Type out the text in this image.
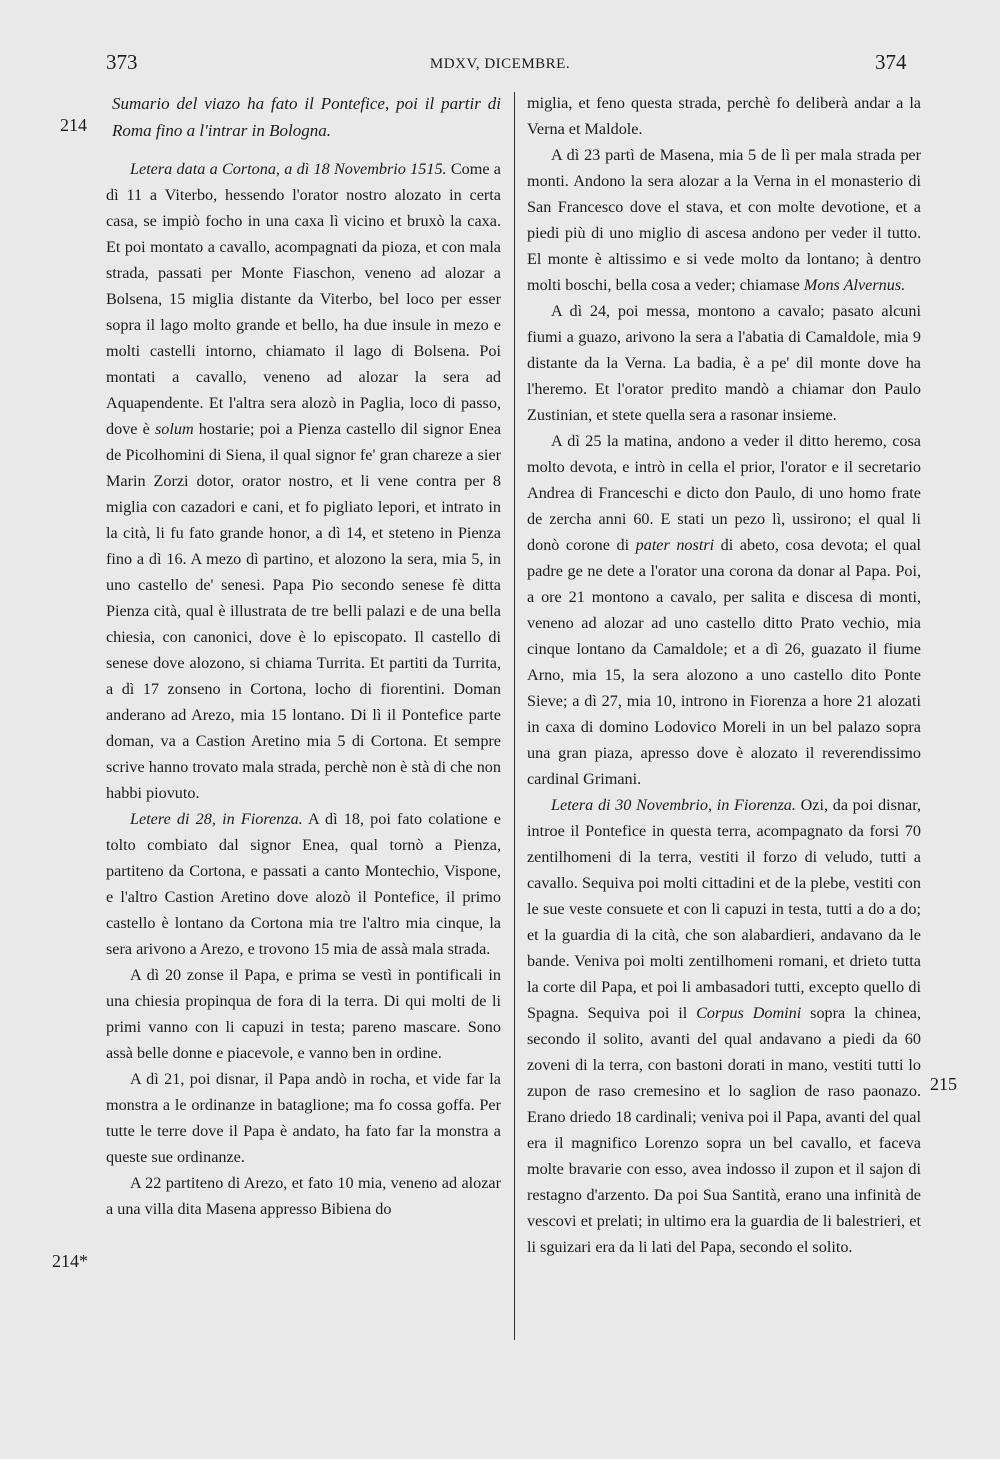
373	MDXV, DICEMBRE.	374
214
214*
215

Sumario del viazo ha fato il Pontefice, poi il partir di Roma fino a l'intrar in Bologna.

Letera data a Cortona, a dì 18 Novembrio 1515. Come a dì 11 a Viterbo, hessendo l'orator nostro alozato in certa casa, se impiò focho in una caxa lì vicino et bruxò la caxa. Et poi montato a cavallo, acompagnati da pioza, et con mala strada, passati per Monte Fiaschon, veneno ad alozar a Bolsena, 15 miglia distante da Viterbo, bel loco per esser sopra il lago molto grande et bello, ha due insule in mezo e molti castelli intorno, chiamato il lago di Bolsena. Poi montati a cavallo, veneno ad alozar la sera ad Aquapendente. Et l'altra sera alozò in Paglia, loco di passo, dove è solum hostarie; poi a Pienza castello dil signor Enea de Picolhomini di Siena, il qual signor fe' gran chareze a sier Marin Zorzi dotor, orator nostro, et li vene contra per 8 miglia con cazadori e cani, et fo pigliato lepori, et intrato in la cità, li fu fato grande honor, a dì 14, et steteno in Pienza fino a dì 16. A mezo dì partino, et alozono la sera, mia 5, in uno castello de' senesi. Papa Pio secondo senese fè ditta Pienza cità, qual è illustrata de tre belli palazi e de una bella chiesia, con canonici, dove è lo episcopato. Il castello di senese dove alozono, si chiama Turrita. Et partiti da Turrita, a dì 17 zonseno in Cortona, locho di fiorentini. Doman anderano ad Arezo, mia 15 lontano. Di lì il Pontefice parte doman, va a Castion Aretino mia 5 di Cortona. Et sempre scrive hanno trovato mala strada, perchè non è stà di che non habbi piovuto.

Letere di 28, in Fiorenza. A dì 18, poi fato colatione e tolto combiato dal signor Enea, qual tornò a Pienza, partiteno da Cortona, e passati a canto Montechio, Vispone, e l'altro Castion Aretino dove alozò il Pontefice, il primo castello è lontano da Cortona mia tre l'altro mia cinque, la sera arivono a Arezo, e trovono 15 mia de assà mala strada.

A dì 20 zonse il Papa, e prima se vestì in pontificali in una chiesia propinqua de fora di la terra. Di qui molti de li primi vanno con li capuzi in testa; pareno mascare. Sono assà belle donne e piacevole, e vanno ben in ordine.

A dì 21, poi disnar, il Papa andò in rocha, et vide far la monstra a le ordinanze in bataglione; ma fo cossa goffa. Per tutte le terre dove il Papa è andato, ha fato far la monstra a queste sue ordinanze.

A 22 partiteno di Arezo, et fato 10 mia, veneno ad alozar a una villa dita Masena appresso Bibiena do

miglia, et feno questa strada, perchè fo deliberà andar a la Verna et Maldole.

A dì 23 partì de Masena, mia 5 de lì per mala strada per monti. Andono la sera alozar a la Verna in el monasterio di San Francesco dove el stava, et con molte devotione, et a piedi più di uno miglio di ascesa andono per veder il tutto. El monte è altissimo e si vede molto da lontano; à dentro molti boschi, bella cosa a veder; chiamase Mons Alvernus.

A dì 24, poi messa, montono a cavalo; pasato alcuni fiumi a guazo, arivono la sera a l'abatia di Camaldole, mia 9 distante da la Verna. La badia, è a pe' dil monte dove ha l'heremo. Et l'orator predito mandò a chiamar don Paulo Zustinian, et stete quella sera a rasonar insieme.

A dì 25 la matina, andono a veder il ditto heremo, cosa molto devota, e intrò in cella el prior, l'orator e il secretario Andrea di Franceschi e dicto don Paulo, di uno homo frate de zercha anni 60. E stati un pezo lì, ussirono; el qual li donò corone di pater nostri di abeto, cosa devota; el qual padre ge ne dete a l'orator una corona da donar al Papa. Poi, a ore 21 montono a cavalo, per salita e discesa di monti, veneno ad alozar ad uno castello ditto Prato vechio, mia cinque lontano da Camaldole; et a dì 26, guazato il fiume Arno, mia 15, la sera alozono a uno castello dito Ponte Sieve; a dì 27, mia 10, introno in Fiorenza a hore 21 alozati in caxa di domino Lodovico Moreli in un bel palazo sopra una gran piaza, apresso dove è alozato il reverendissimo cardinal Grimani.

Letera di 30 Novembrio, in Fiorenza. Ozi, da poi disnar, introe il Pontefice in questa terra, acompagnato da forsi 70 zentilhomeni di la terra, vestiti il forzo di veludo, tutti a cavallo. Sequiva poi molti cittadini et de la plebe, vestiti con le sue veste consuete et con li capuzi in testa, tutti a do a do; et la guardia di la cità, che son alabardieri, andavano da le bande. Veniva poi molti zentilhomeni romani, et drieto tutta la corte dil Papa, et poi li ambasadori tutti, excepto quello di Spagna. Sequiva poi il Corpus Domini sopra la chinea, secondo il solito, avanti del qual andavano a piedi da 60 zoveni di la terra, con bastoni dorati in mano, vestiti tutti lo zupon de raso cremesino et lo saglion de raso paonazo. Erano driedo 18 cardinali; veniva poi il Papa, avanti del qual era il magnifico Lorenzo sopra un bel cavallo, et faceva molte bravarie con esso, avea indosso il zupon et il sajon di restagno d'arzento. Da poi Sua Santità, erano una infinità de vescovi et prelati; in ultimo era la guardia de li balestrieri, et li sguizari era da li lati del Papa, secondo el solito.
